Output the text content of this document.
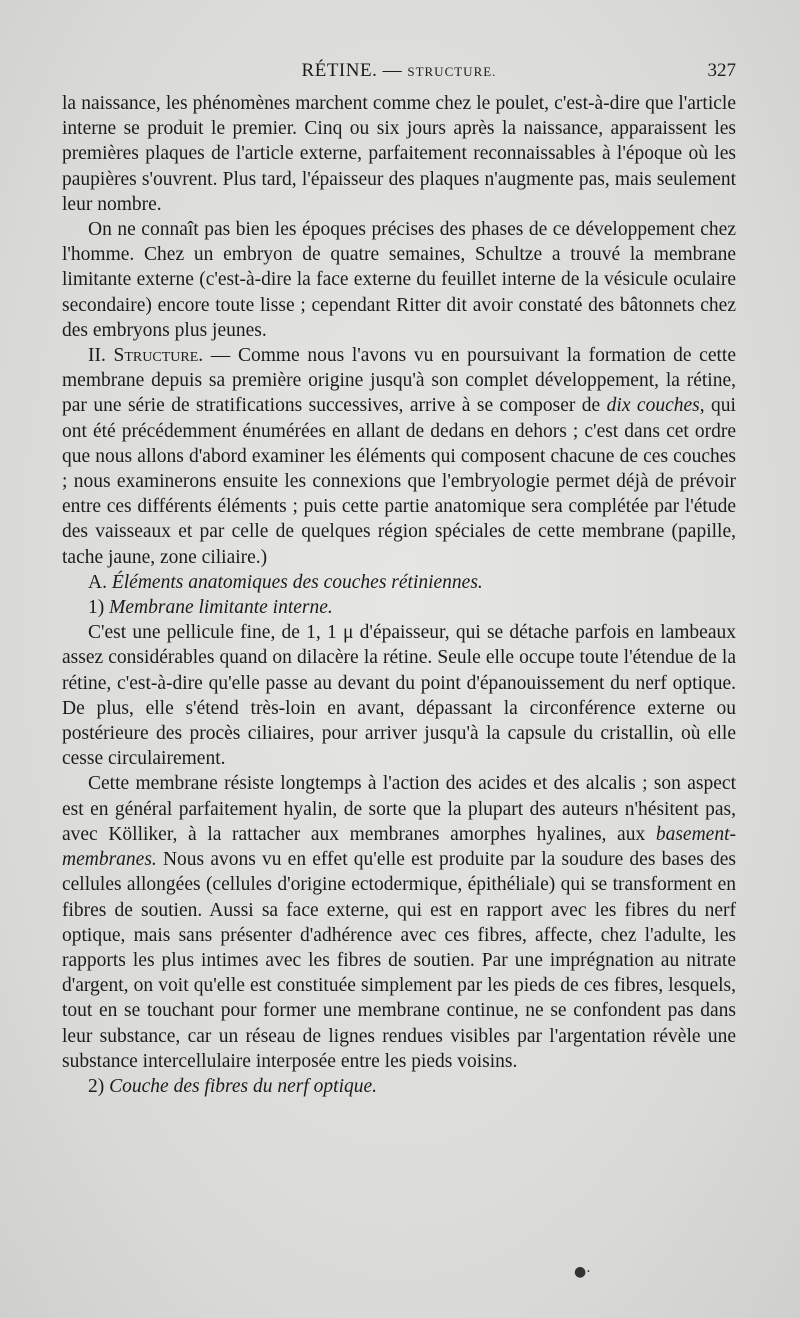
RÉTINE. — STRUCTURE.	327

la naissance, les phénomènes marchent comme chez le poulet, c'est-à-dire que l'article interne se produit le premier. Cinq ou six jours après la naissance, apparaissent les premières plaques de l'article externe, parfaitement reconnaissables à l'époque où les paupières s'ouvrent. Plus tard, l'épaisseur des plaques n'augmente pas, mais seulement leur nombre.

On ne connaît pas bien les époques précises des phases de ce développement chez l'homme. Chez un embryon de quatre semaines, Schultze a trouvé la membrane limitante externe (c'est-à-dire la face externe du feuillet interne de la vésicule oculaire secondaire) encore toute lisse ; cependant Ritter dit avoir constaté des bâtonnets chez des embryons plus jeunes.

II. Structure. — Comme nous l'avons vu en poursuivant la formation de cette membrane depuis sa première origine jusqu'à son complet développement, la rétine, par une série de stratifications successives, arrive à se composer de dix couches, qui ont été précédemment énumérées en allant de dedans en dehors ; c'est dans cet ordre que nous allons d'abord examiner les éléments qui composent chacune de ces couches ; nous examinerons ensuite les connexions que l'embryologie permet déjà de prévoir entre ces différents éléments ; puis cette partie anatomique sera complétée par l'étude des vaisseaux et par celle de quelques région spéciales de cette membrane (papille, tache jaune, zone ciliaire.)

A. Éléments anatomiques des couches rétiniennes.

1) Membrane limitante interne.

C'est une pellicule fine, de 1, 1 μ d'épaisseur, qui se détache parfois en lambeaux assez considérables quand on dilacère la rétine. Seule elle occupe toute l'étendue de la rétine, c'est-à-dire qu'elle passe au devant du point d'épanouissement du nerf optique. De plus, elle s'étend très-loin en avant, dépassant la circonférence externe ou postérieure des procès ciliaires, pour arriver jusqu'à la capsule du cristallin, où elle cesse circulairement.

Cette membrane résiste longtemps à l'action des acides et des alcalis ; son aspect est en général parfaitement hyalin, de sorte que la plupart des auteurs n'hésitent pas, avec Kölliker, à la rattacher aux membranes amorphes hyalines, aux basement-membranes. Nous avons vu en effet qu'elle est produite par la soudure des bases des cellules allongées (cellules d'origine ectodermique, épithéliale) qui se transforment en fibres de soutien. Aussi sa face externe, qui est en rapport avec les fibres du nerf optique, mais sans présenter d'adhérence avec ces fibres, affecte, chez l'adulte, les rapports les plus intimes avec les fibres de soutien. Par une imprégnation au nitrate d'argent, on voit qu'elle est constituée simplement par les pieds de ces fibres, lesquels, tout en se touchant pour former une membrane continue, ne se confondent pas dans leur substance, car un réseau de lignes rendues visibles par l'argentation révèle une substance intercellulaire interposée entre les pieds voisins.

2) Couche des fibres du nerf optique.

●·
